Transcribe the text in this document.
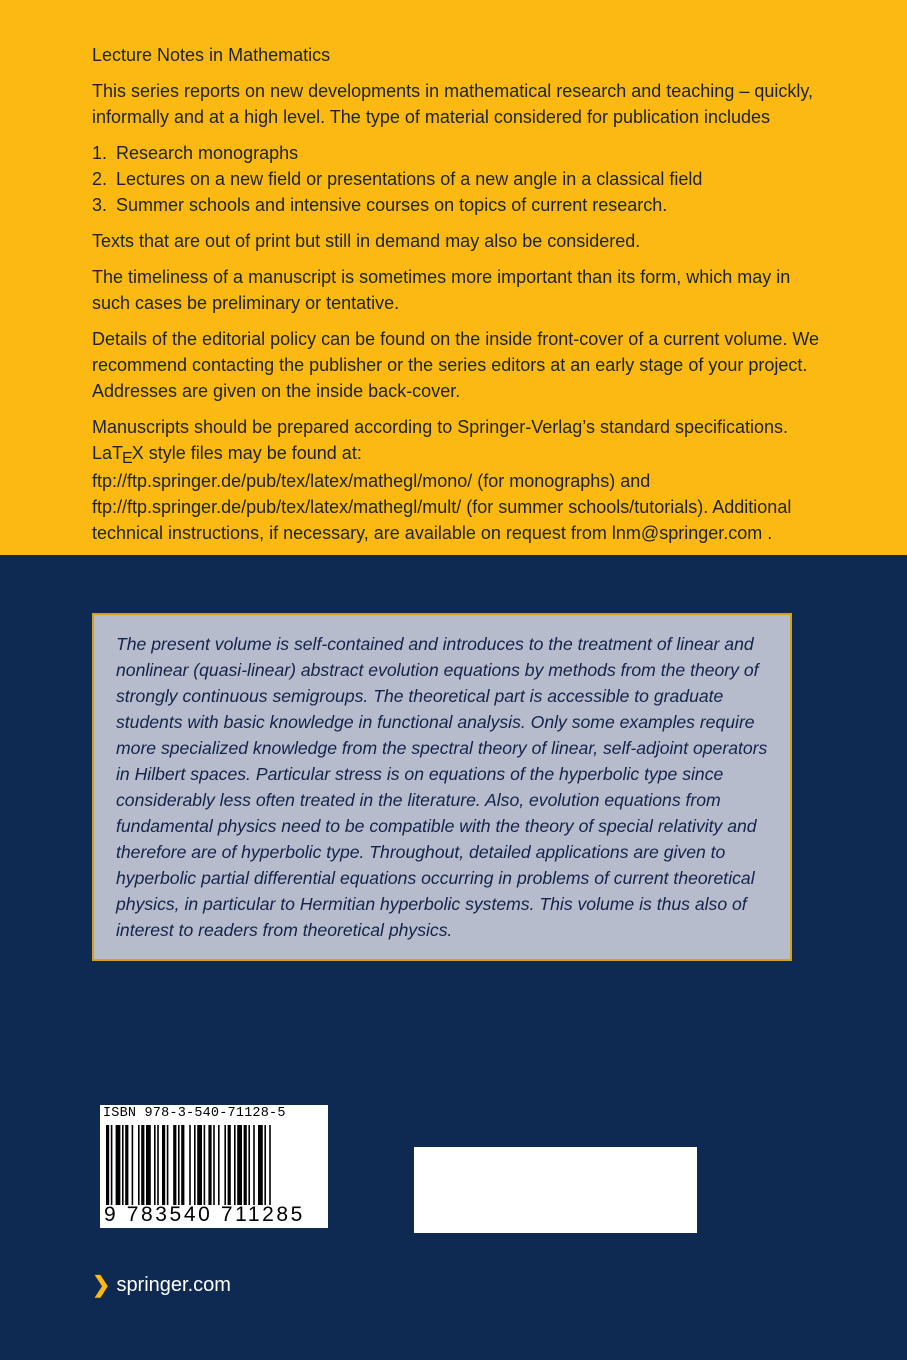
Lecture Notes in Mathematics

This series reports on new developments in mathematical research and teaching – quickly, informally and at a high level. The type of material considered for publication includes

1. Research monographs
2. Lectures on a new field or presentations of a new angle in a classical field
3. Summer schools and intensive courses on topics of current research.

Texts that are out of print but still in demand may also be considered.

The timeliness of a manuscript is sometimes more important than its form, which may in such cases be preliminary or tentative.

Details of the editorial policy can be found on the inside front-cover of a current volume. We recommend contacting the publisher or the series editors at an early stage of your project. Addresses are given on the inside back-cover.

Manuscripts should be prepared according to Springer-Verlag’s standard specifications.
LaTEX style files may be found at:
ftp://ftp.springer.de/pub/tex/latex/mathegl/mono/ (for monographs) and
ftp://ftp.springer.de/pub/tex/latex/mathegl/mult/ (for summer schools/tutorials). Additional technical instructions, if necessary, are available on request from lnm@springer.com .

The present volume is self-contained and introduces to the treatment of linear and nonlinear (quasi-linear) abstract evolution equations by methods from the theory of strongly continuous semigroups. The theoretical part is accessible to graduate students with basic knowledge in functional analysis. Only some examples require more specialized knowledge from the spectral theory of linear, self-adjoint operators in Hilbert spaces. Particular stress is on equations of the hyperbolic type since considerably less often treated in the literature. Also, evolution equations from fundamental physics need to be compatible with the theory of special relativity and therefore are of hyperbolic type. Throughout, detailed applications are given to hyperbolic partial differential equations occurring in problems of current theoretical physics, in particular to Hermitian hyperbolic systems. This volume is thus also of interest to readers from theoretical physics.

ISBN 978-3-540-71128-5
9 783540 711285
❯ springer.com
